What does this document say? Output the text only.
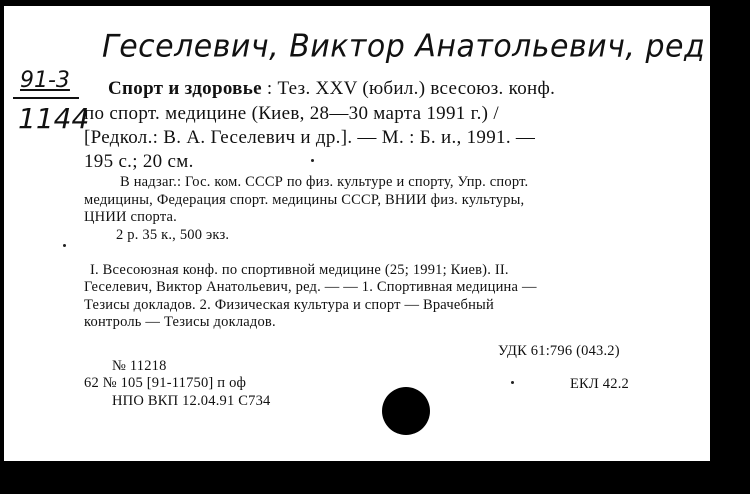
Геселевич, Виктор Анатольевич, ред
91-3
1144
Спорт и здоровье : Тез. XXV (юбил.) всесоюз. конф.
по спорт. медицине (Киев, 28—30 марта 1991 г.) /
[Редкол.: В. А. Геселевич и др.]. — М. : Б. и., 1991. —
195 с.; 20 см.
В надзаг.: Гос. ком. СССР по физ. культуре и спорту, Упр. спорт.
медицины, Федерация спорт. медицины СССР, ВНИИ физ. культуры,
ЦНИИ спорта.
2 р. 35 к., 500 экз.
I. Всесоюзная конф. по спортивной медицине (25; 1991; Киев). II.
Геселевич, Виктор Анатольевич, ред. — — 1. Спортивная медицина —
Тезисы докладов. 2. Физическая культура и спорт — Врачебный
контроль — Тезисы докладов.
УДК 61:796 (043.2)
№ 11218
62 № 105 [91-11750] п оф	ЕКЛ 42.2
НПО ВКП 12.04.91 С734
